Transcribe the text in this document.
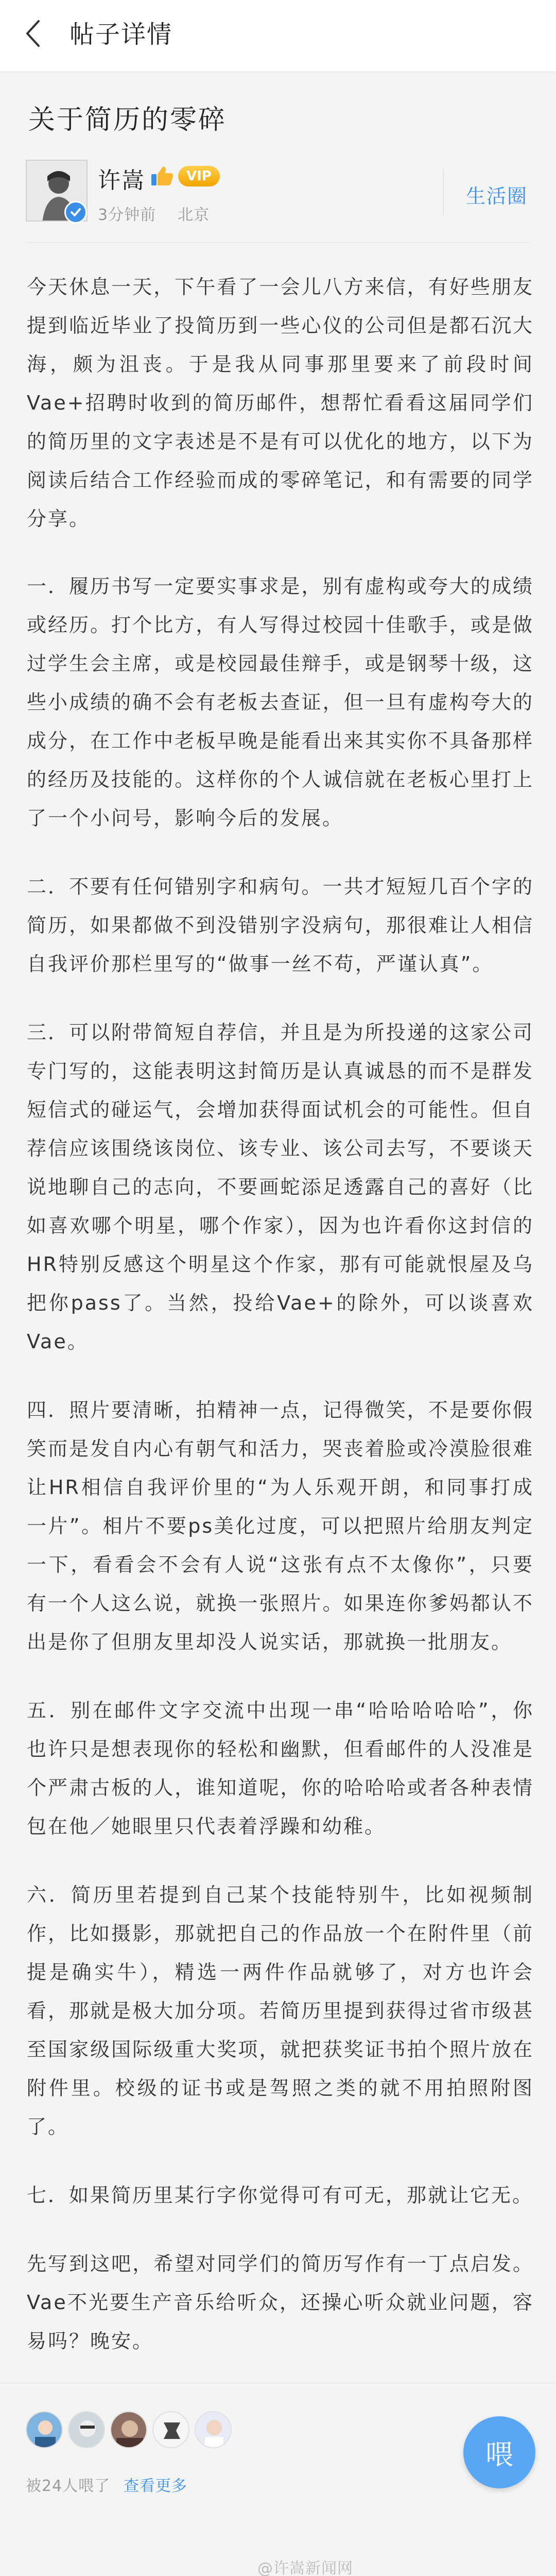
帖子详情
关于简历的零碎
许嵩	VIP
3分钟前 北京
生活圈

今天休息一天，下午看了一会儿八方来信，有好些朋友提到临近毕业了投简历到一些心仪的公司但是都石沉大海，颇为沮丧。于是我从同事那里要来了前段时间Vae+招聘时收到的简历邮件，想帮忙看看这届同学们的简历里的文字表述是不是有可以优化的地方，以下为阅读后结合工作经验而成的零碎笔记，和有需要的同学分享。

一．履历书写一定要实事求是，别有虚构或夸大的成绩或经历。打个比方，有人写得过校园十佳歌手，或是做过学生会主席，或是校园最佳辩手，或是钢琴十级，这些小成绩的确不会有老板去查证，但一旦有虚构夸大的成分，在工作中老板早晚是能看出来其实你不具备那样的经历及技能的。这样你的个人诚信就在老板心里打上了一个小问号，影响今后的发展。

二．不要有任何错别字和病句。一共才短短几百个字的简历，如果都做不到没错别字没病句，那很难让人相信自我评价那栏里写的“做事一丝不苟，严谨认真”。

三．可以附带简短自荐信，并且是为所投递的这家公司专门写的，这能表明这封简历是认真诚恳的而不是群发短信式的碰运气，会增加获得面试机会的可能性。但自荐信应该围绕该岗位、该专业、该公司去写，不要谈天说地聊自己的志向，不要画蛇添足透露自己的喜好（比如喜欢哪个明星，哪个作家），因为也许看你这封信的HR特别反感这个明星这个作家，那有可能就恨屋及乌把你pass了。当然，投给Vae+的除外，可以谈喜欢Vae。

四．照片要清晰，拍精神一点，记得微笑，不是要你假笑而是发自内心有朝气和活力，哭丧着脸或冷漠脸很难让HR相信自我评价里的“为人乐观开朗，和同事打成一片”。相片不要ps美化过度，可以把照片给朋友判定一下，看看会不会有人说“这张有点不太像你”，只要有一个人这么说，就换一张照片。如果连你爹妈都认不出是你了但朋友里却没人说实话，那就换一批朋友。

五．别在邮件文字交流中出现一串“哈哈哈哈哈”，你也许只是想表现你的轻松和幽默，但看邮件的人没准是个严肃古板的人，谁知道呢，你的哈哈哈或者各种表情包在他／她眼里只代表着浮躁和幼稚。

六．简历里若提到自己某个技能特别牛，比如视频制作，比如摄影，那就把自己的作品放一个在附件里（前提是确实牛），精选一两件作品就够了，对方也许会看，那就是极大加分项。若简历里提到获得过省市级甚至国家级国际级重大奖项，就把获奖证书拍个照片放在附件里。校级的证书或是驾照之类的就不用拍照附图了。

七．如果简历里某行字你觉得可有可无，那就让它无。

先写到这吧，希望对同学们的简历写作有一丁点启发。Vae不光要生产音乐给听众，还操心听众就业问题，容易吗？晚安。

被24人喂了 查看更多
喂
@许嵩新闻网
